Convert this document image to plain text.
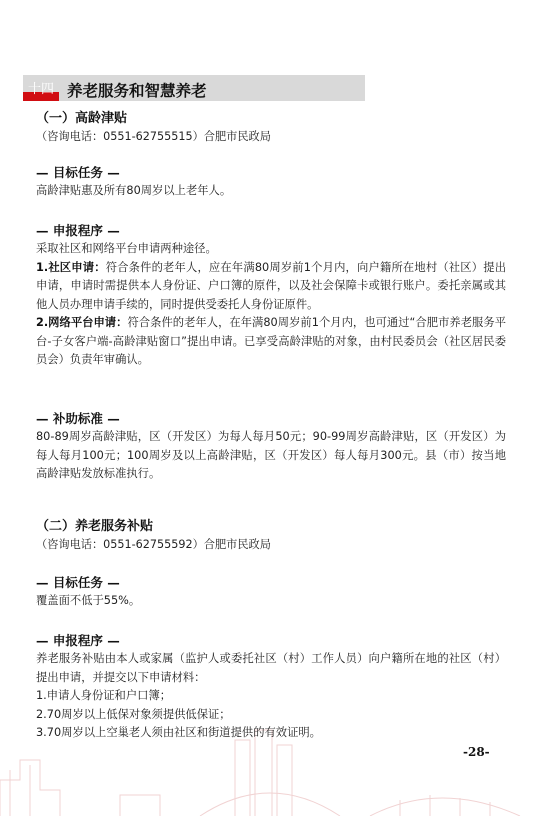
十四 养老服务和智慧养老
（一）高龄津贴
（咨询电话：0551-62755515）合肥市民政局
— 目标任务 —
高龄津贴惠及所有80周岁以上老年人。
— 申报程序 —
采取社区和网络平台申请两种途径。
1.社区申请：符合条件的老年人，应在年满80周岁前1个月内，向户籍所在地村（社区）提出申请，申请时需提供本人身份证、户口簿的原件，以及社会保障卡或银行账户。委托亲属或其他人员办理申请手续的，同时提供受委托人身份证原件。
2.网络平台申请：符合条件的老年人，在年满80周岁前1个月内，也可通过“合肥市养老服务平台-子女客户端-高龄津贴窗口”提出申请。已享受高龄津贴的对象，由村民委员会（社区居民委员会）负责年审确认。
— 补助标准 —
80-89周岁高龄津贴，区（开发区）为每人每月50元；90-99周岁高龄津贴，区（开发区）为每人每月100元；100周岁及以上高龄津贴，区（开发区）每人每月300元。县（市）按当地高龄津贴发放标准执行。
（二）养老服务补贴
（咨询电话：0551-62755592）合肥市民政局
— 目标任务 —
覆盖面不低于55%。
— 申报程序 —
养老服务补贴由本人或家属（监护人或委托社区（村）工作人员）向户籍所在地的社区（村）提出申请，并提交以下申请材料：
1.申请人身份证和户口簿；
2.70周岁以上低保对象须提供低保证；
3.70周岁以上空巢老人须由社区和街道提供的有效证明。
-28-
